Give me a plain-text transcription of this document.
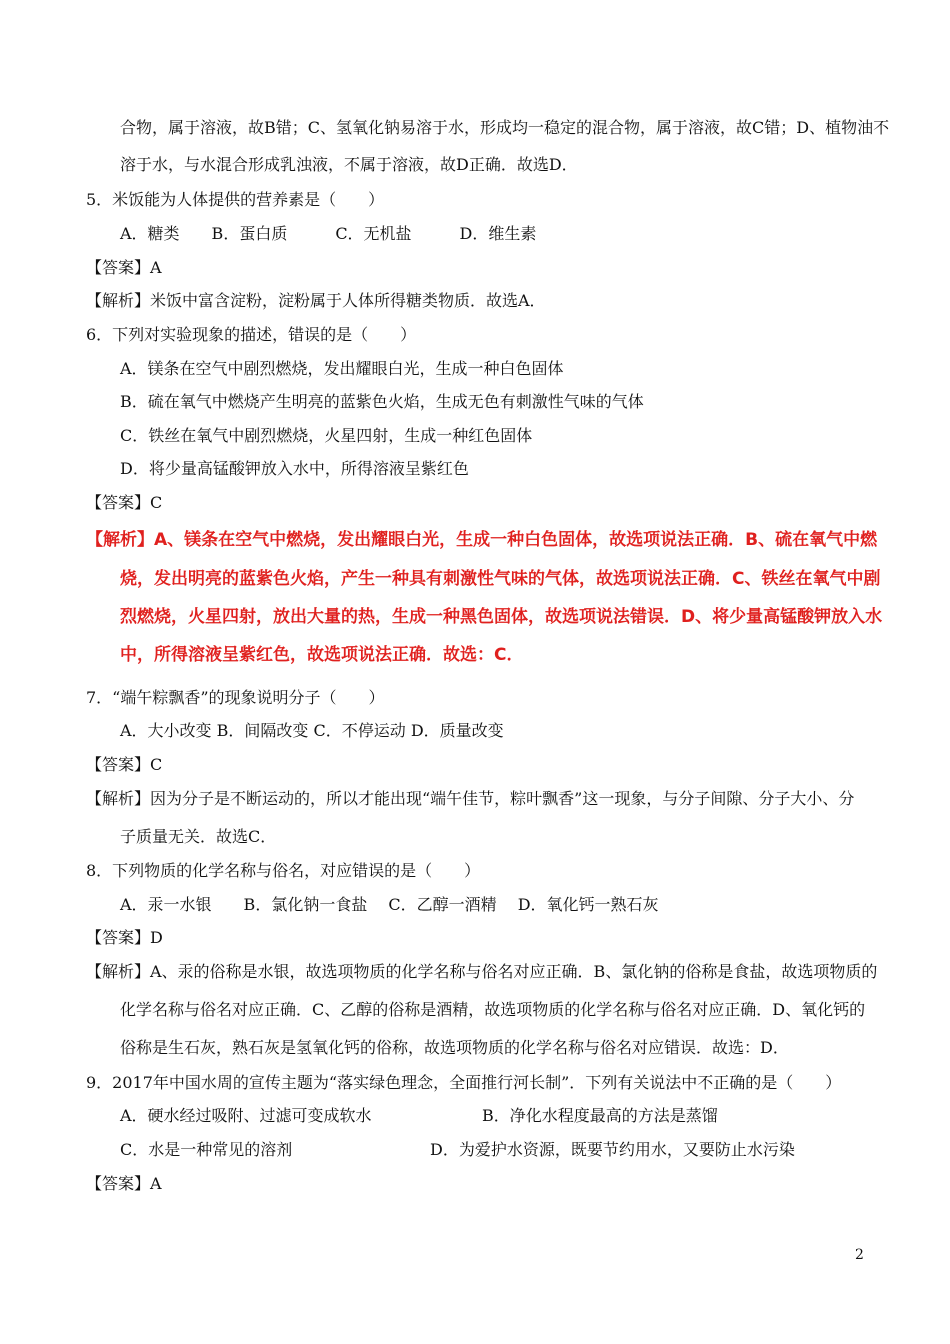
合物，属于溶液，故B错；C、氢氧化钠易溶于水，形成均一稳定的混合物，属于溶液，故C错；D、植物油不
溶于水，与水混合形成乳浊液，不属于溶液，故D正确．故选D．
5．米饭能为人体提供的营养素是（　　）
A．糖类　　B．蛋白质　　　C．无机盐　　　D．维生素
【答案】A
【解析】米饭中富含淀粉，淀粉属于人体所得糖类物质．故选A．
6．下列对实验现象的描述，错误的是（　　）
A．镁条在空气中剧烈燃烧，发出耀眼白光，生成一种白色固体
B．硫在氧气中燃烧产生明亮的蓝紫色火焰，生成无色有刺激性气味的气体
C．铁丝在氧气中剧烈燃烧，火星四射，生成一种红色固体
D．将少量高锰酸钾放入水中，所得溶液呈紫红色
【答案】C
【解析】A、镁条在空气中燃烧，发出耀眼白光，生成一种白色固体，故选项说法正确．B、硫在氧气中燃
烧，发出明亮的蓝紫色火焰，产生一种具有刺激性气味的气体，故选项说法正确．C、铁丝在氧气中剧
烈燃烧，火星四射，放出大量的热，生成一种黑色固体，故选项说法错误．D、将少量高锰酸钾放入水
中，所得溶液呈紫红色，故选项说法正确．故选：C．
7．“端午粽飘香”的现象说明分子（　　）
A．大小改变 B．间隔改变 C．不停运动 D．质量改变
【答案】C
【解析】因为分子是不断运动的，所以才能出现“端午佳节，粽叶飘香”这一现象，与分子间隙、分子大小、分
子质量无关．故选C．
8．下列物质的化学名称与俗名，对应错误的是（　　）
A．汞一水银　　B．氯化钠一食盐　 C．乙醇一酒精　 D．氧化钙一熟石灰
【答案】D
【解析】A、汞的俗称是水银，故选项物质的化学名称与俗名对应正确．B、氯化钠的俗称是食盐，故选项物质的
化学名称与俗名对应正确．C、乙醇的俗称是酒精，故选项物质的化学名称与俗名对应正确．D、氧化钙的
俗称是生石灰，熟石灰是氢氧化钙的俗称，故选项物质的化学名称与俗名对应错误．故选：D．
9．2017年中国水周的宣传主题为“落实绿色理念，全面推行河长制”．下列有关说法中不正确的是（　　）
A．硬水经过吸附、过滤可变成软水	B．净化水程度最高的方法是蒸馏
C．水是一种常见的溶剂	D．为爱护水资源，既要节约用水，又要防止水污染
【答案】A
2
